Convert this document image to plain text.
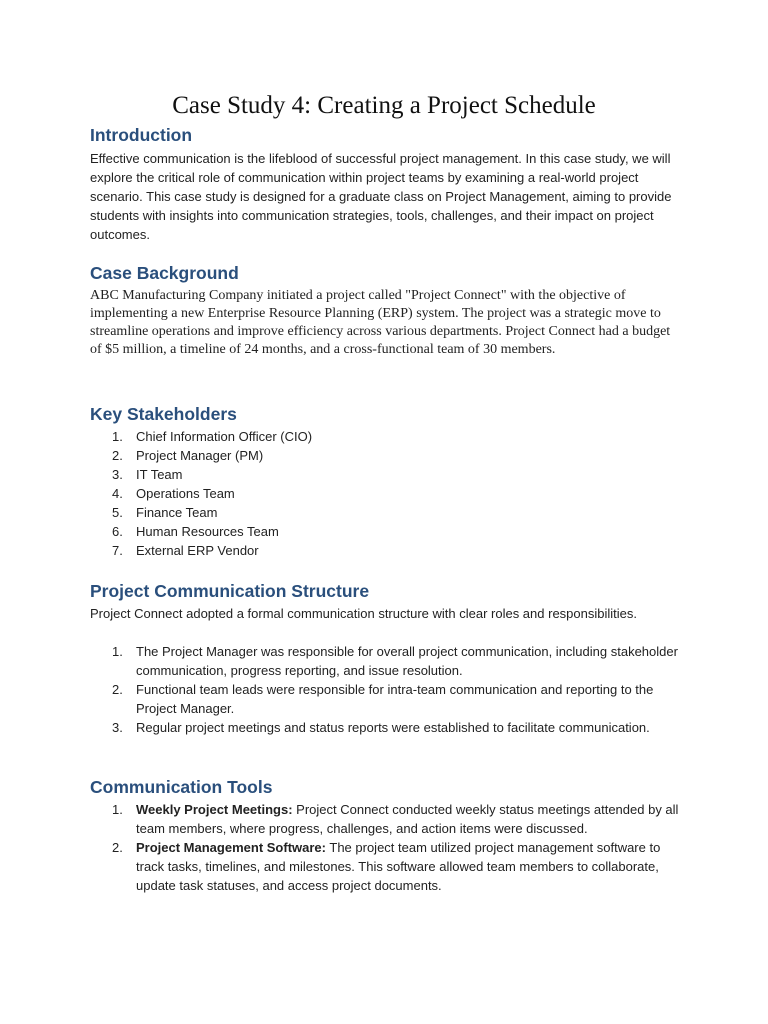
Case Study 4: Creating a Project Schedule
Introduction
Effective communication is the lifeblood of successful project management. In this case study, we will explore the critical role of communication within project teams by examining a real-world project scenario. This case study is designed for a graduate class on Project Management, aiming to provide students with insights into communication strategies, tools, challenges, and their impact on project outcomes.
Case Background
ABC Manufacturing Company initiated a project called "Project Connect" with the objective of implementing a new Enterprise Resource Planning (ERP) system. The project was a strategic move to streamline operations and improve efficiency across various departments. Project Connect had a budget of $5 million, a timeline of 24 months, and a cross-functional team of 30 members.
Key Stakeholders
1. Chief Information Officer (CIO)
2. Project Manager (PM)
3. IT Team
4. Operations Team
5. Finance Team
6. Human Resources Team
7. External ERP Vendor
Project Communication Structure
Project Connect adopted a formal communication structure with clear roles and responsibilities.
1. The Project Manager was responsible for overall project communication, including stakeholder communication, progress reporting, and issue resolution.
2. Functional team leads were responsible for intra-team communication and reporting to the Project Manager.
3. Regular project meetings and status reports were established to facilitate communication.
Communication Tools
1. Weekly Project Meetings: Project Connect conducted weekly status meetings attended by all team members, where progress, challenges, and action items were discussed.
2. Project Management Software: The project team utilized project management software to track tasks, timelines, and milestones. This software allowed team members to collaborate, update task statuses, and access project documents.
